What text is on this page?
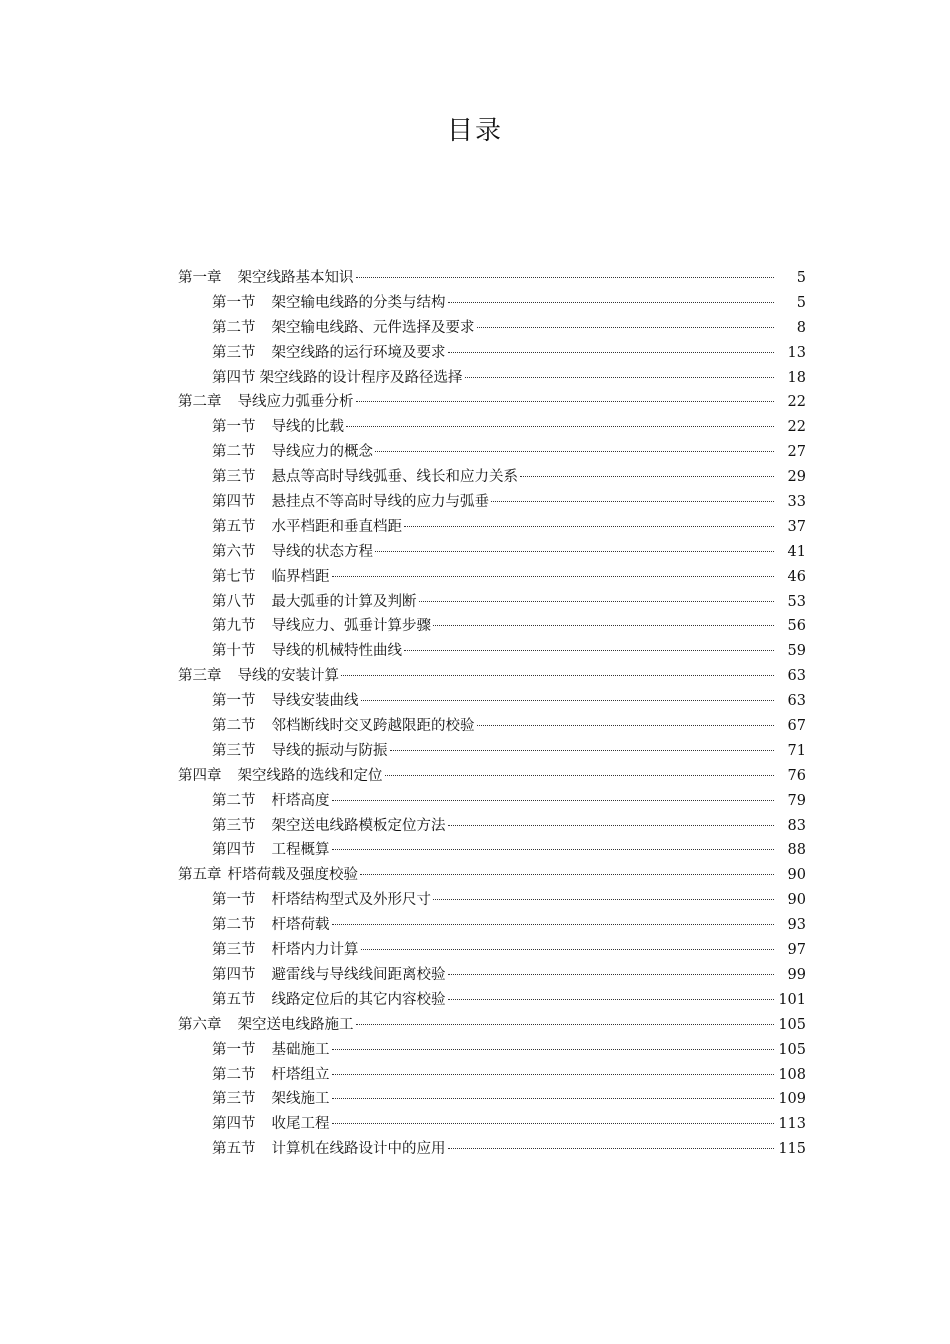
目录
第一章 架空线路基本知识	5
第一节 架空输电线路的分类与结构	5
第二节 架空输电线路、元件选择及要求	8
第三节 架空线路的运行环境及要求	13
第四节 架空线路的设计程序及路径选择	18
第二章 导线应力弧垂分析	22
第一节 导线的比载	22
第二节 导线应力的概念	27
第三节 悬点等高时导线弧垂、线长和应力关系	29
第四节 悬挂点不等高时导线的应力与弧垂	33
第五节 水平档距和垂直档距	37
第六节 导线的状态方程	41
第七节 临界档距	46
第八节 最大弧垂的计算及判断	53
第九节 导线应力、弧垂计算步骤	56
第十节 导线的机械特性曲线	59
第三章 导线的安装计算	63
第一节 导线安装曲线	63
第二节 邻档断线时交叉跨越限距的校验	67
第三节 导线的振动与防振	71
第四章 架空线路的选线和定位	76
第二节 杆塔高度	79
第三节 架空送电线路模板定位方法	83
第四节 工程概算	88
第五章 杆塔荷载及强度校验	90
第一节 杆塔结构型式及外形尺寸	90
第二节 杆塔荷载	93
第三节 杆塔内力计算	97
第四节 避雷线与导线线间距离校验	99
第五节 线路定位后的其它内容校验	101
第六章 架空送电线路施工	105
第一节 基础施工	105
第二节 杆塔组立	108
第三节 架线施工	109
第四节 收尾工程	113
第五节 计算机在线路设计中的应用	115
